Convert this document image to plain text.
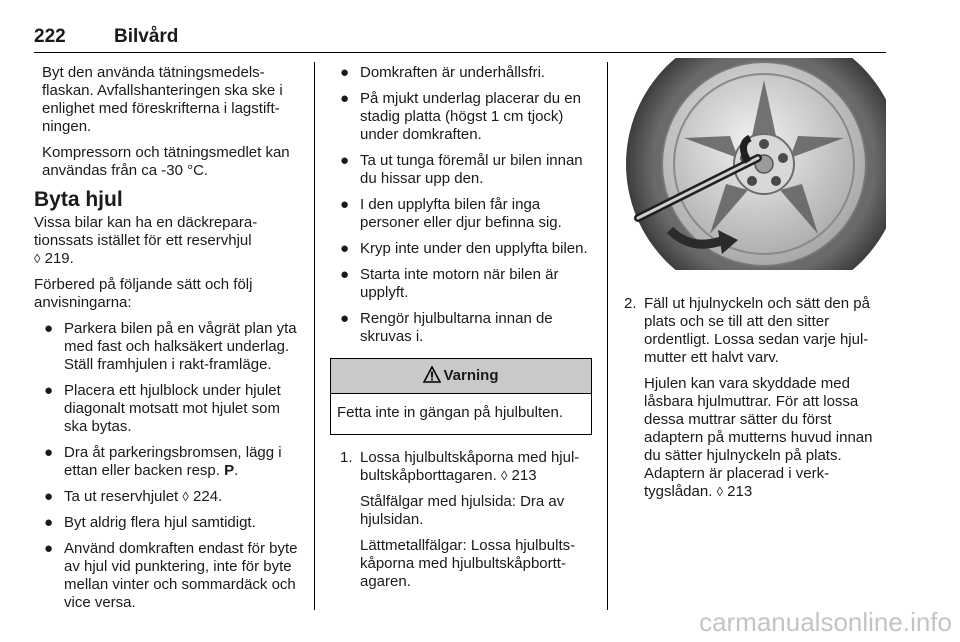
222	Bilvård

Byt den använda tätningsmedels-flaskan. Avfallshanteringen ska ske i enlighet med föreskrifterna i lagstift-ningen.

Kompressorn och tätningsmedlet kan användas från ca -30 °C.

Byta hjul

Vissa bilar kan ha en däckrepara-tionssats istället för ett reservhjul
◊ 219.

Förbered på följande sätt och följ anvisningarna:

● Parkera bilen på en vågrät plan yta med fast och halksäkert underlag. Ställ framhjulen i rakt-framläge.
● Placera ett hjulblock under hjulet diagonalt motsatt mot hjulet som ska bytas.
● Dra åt parkeringsbromsen, lägg i ettan eller backen resp. P.
● Ta ut reservhjulet ◊ 224.
● Byt aldrig flera hjul samtidigt.
● Använd domkraften endast för byte av hjul vid punktering, inte för byte mellan vinter och sommardäck och vice versa.
● Domkraften är underhållsfri.
● På mjukt underlag placerar du en stadig platta (högst 1 cm tjock) under domkraften.
● Ta ut tunga föremål ur bilen innan du hissar upp den.
● I den upplyfta bilen får inga personer eller djur befinna sig.
● Kryp inte under den upplyfta bilen.
● Starta inte motorn när bilen är upplyft.
● Rengör hjulbultarna innan de skruvas i.
Varning
Fetta inte in gängan på hjulbulten.
1. Lossa hjulbultskåporna med hjul-bultskåpborttagaren. ◊ 213

Stålfälgar med hjulsida: Dra av hjulsidan.

Lättmetallfälgar: Lossa hjulbults-kåporna med hjulbultskåpbortt-agaren.

2. Fäll ut hjulnyckeln och sätt den på plats och se till att den sitter ordentligt. Lossa sedan varje hjul-mutter ett halvt varv.

Hjulen kan vara skyddade med låsbara hjulmuttrar. För att lossa dessa muttrar sätter du först adaptern på mutterns huvud innan du sätter hjulnyckeln på plats. Adaptern är placerad i verk-tygslådan. ◊ 213

carmanualsonline.info
